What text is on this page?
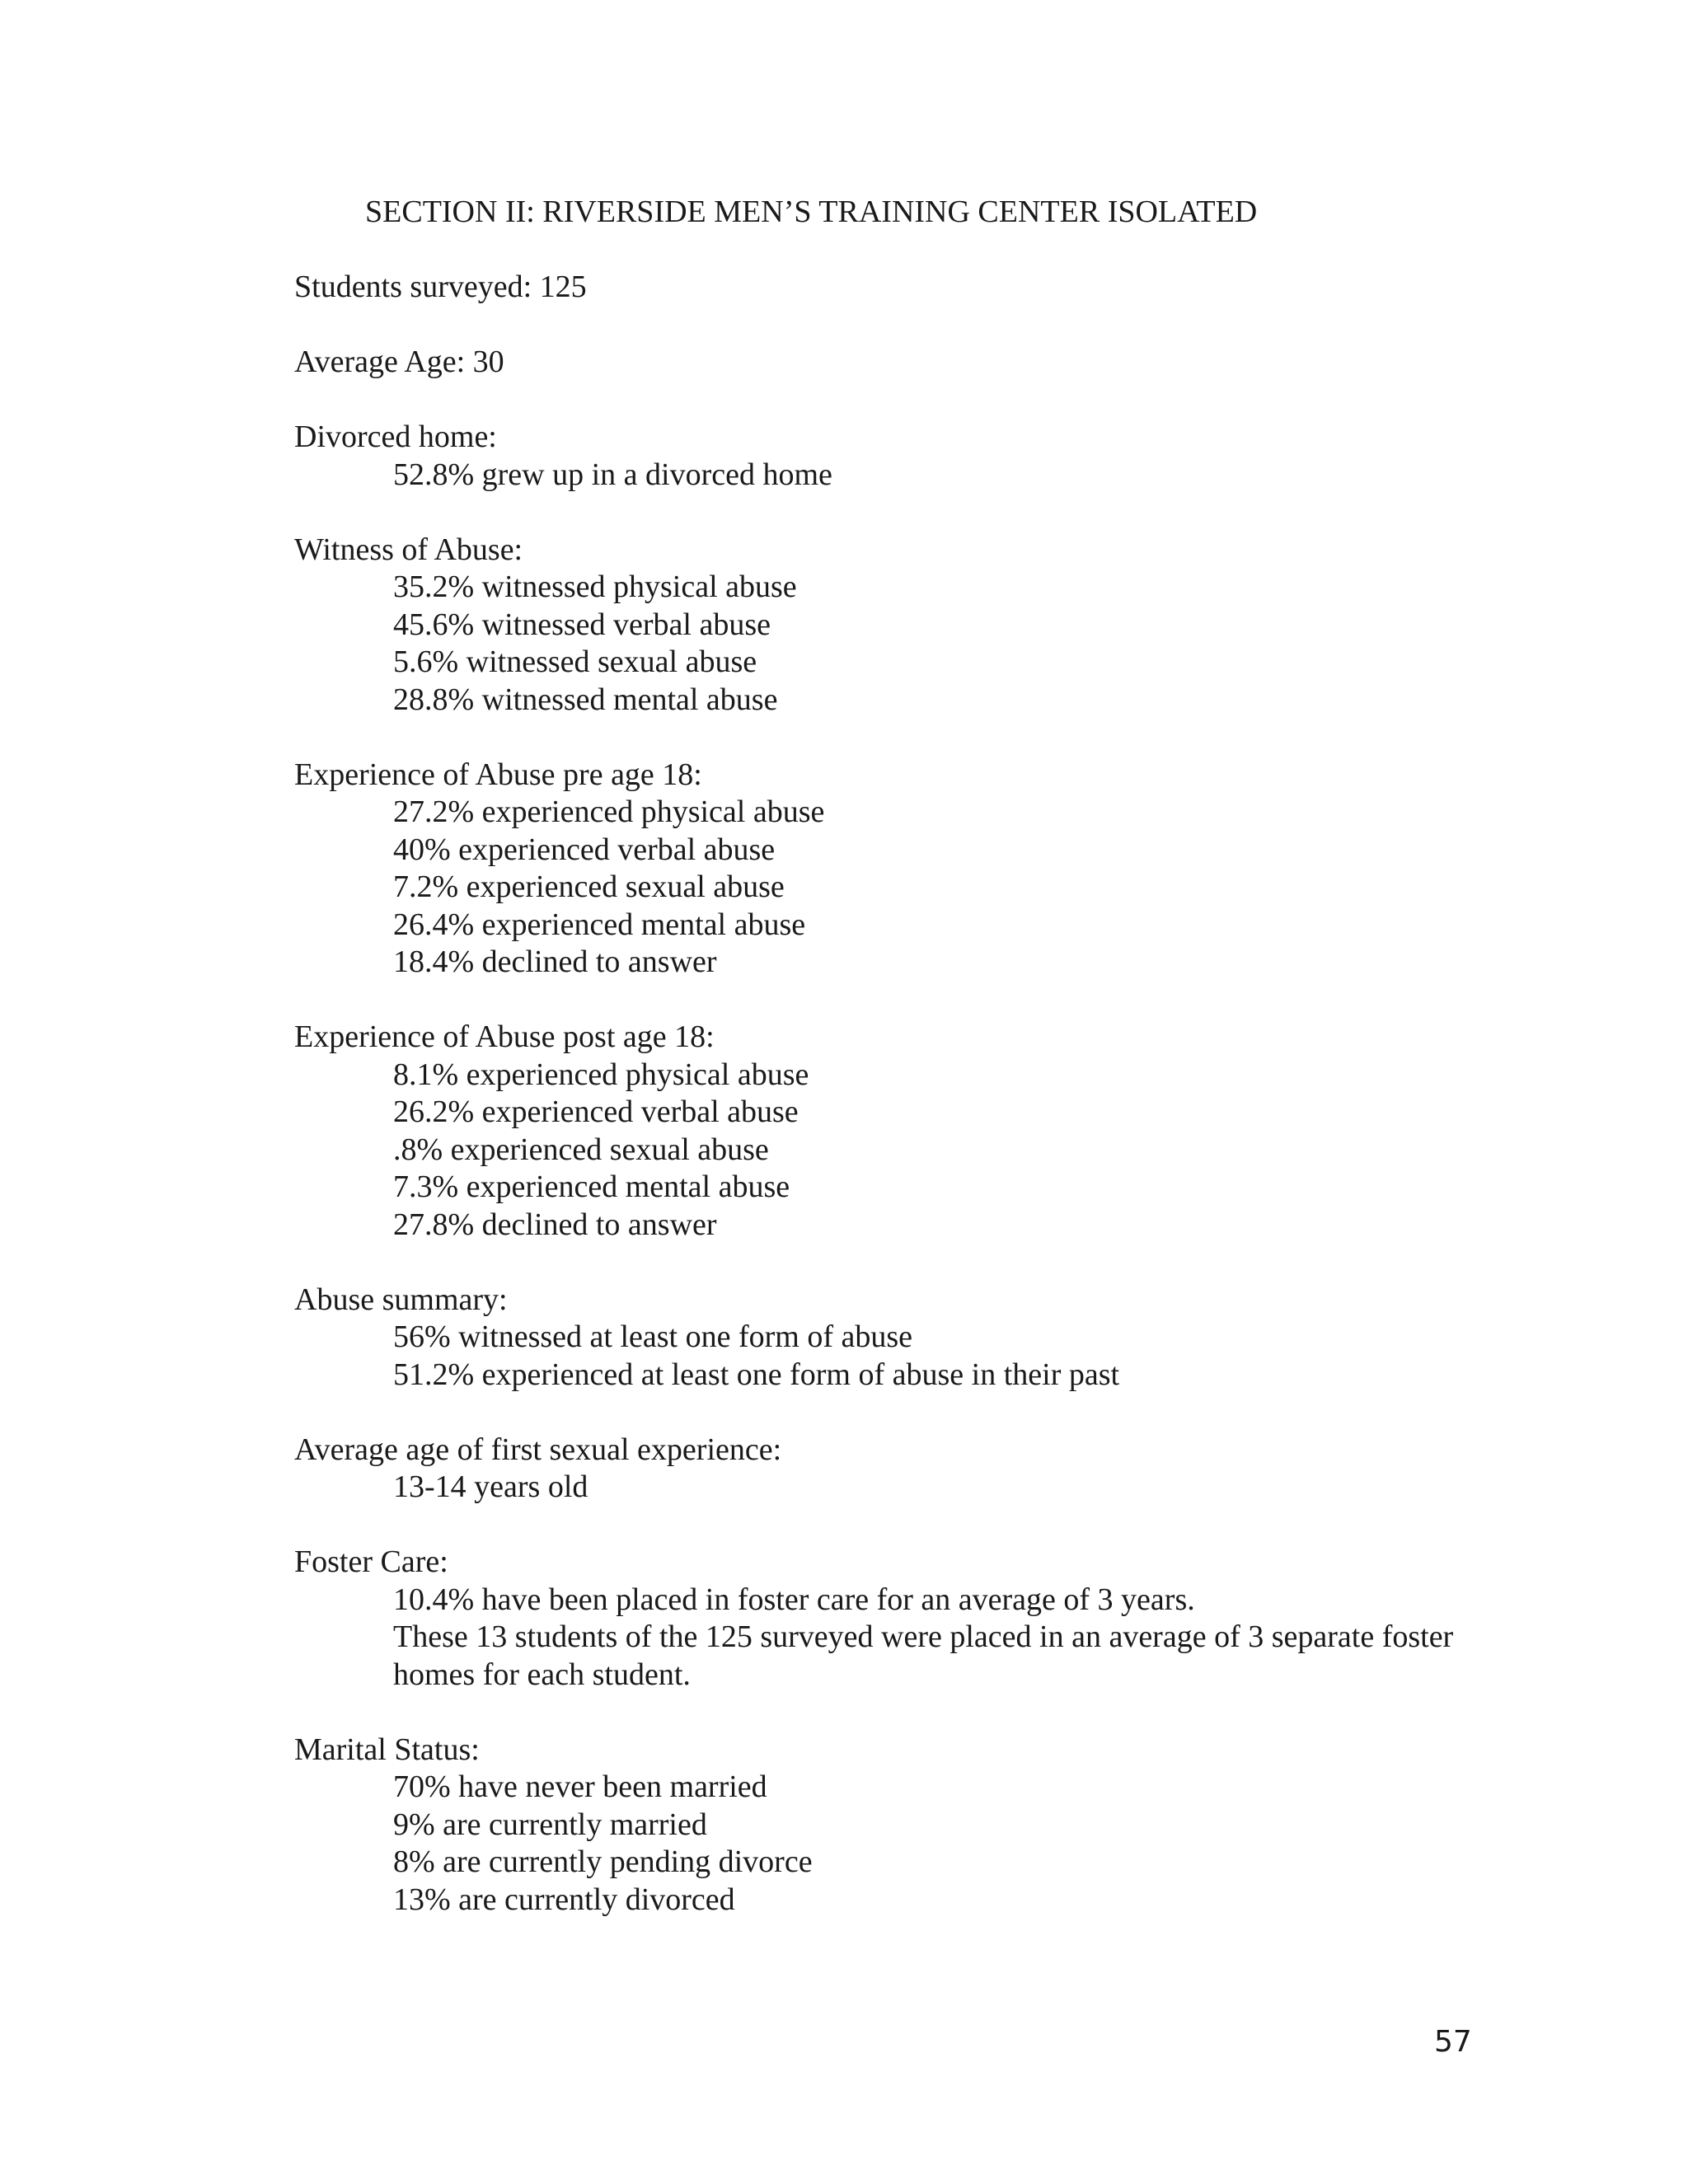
SECTION II: RIVERSIDE MEN’S TRAINING CENTER ISOLATED
Students surveyed: 125
Average Age: 30
Divorced home:
52.8% grew up in a divorced home
Witness of Abuse:
35.2% witnessed physical abuse
45.6% witnessed verbal abuse
5.6% witnessed sexual abuse
28.8% witnessed mental abuse
Experience of Abuse pre age 18:
27.2% experienced physical abuse
40% experienced verbal abuse
7.2% experienced sexual abuse
26.4% experienced mental abuse
18.4% declined to answer
Experience of Abuse post age 18:
8.1% experienced physical abuse
26.2% experienced verbal abuse
.8% experienced sexual abuse
7.3% experienced mental abuse
27.8% declined to answer
Abuse summary:
56% witnessed at least one form of abuse
51.2% experienced at least one form of abuse in their past
Average age of first sexual experience:
13-14 years old
Foster Care:
10.4% have been placed in foster care for an average of 3 years.
These 13 students of the 125 surveyed were placed in an average of 3 separate foster homes for each student.
Marital Status:
70% have never been married
9% are currently married
8% are currently pending divorce
13% are currently divorced
57
